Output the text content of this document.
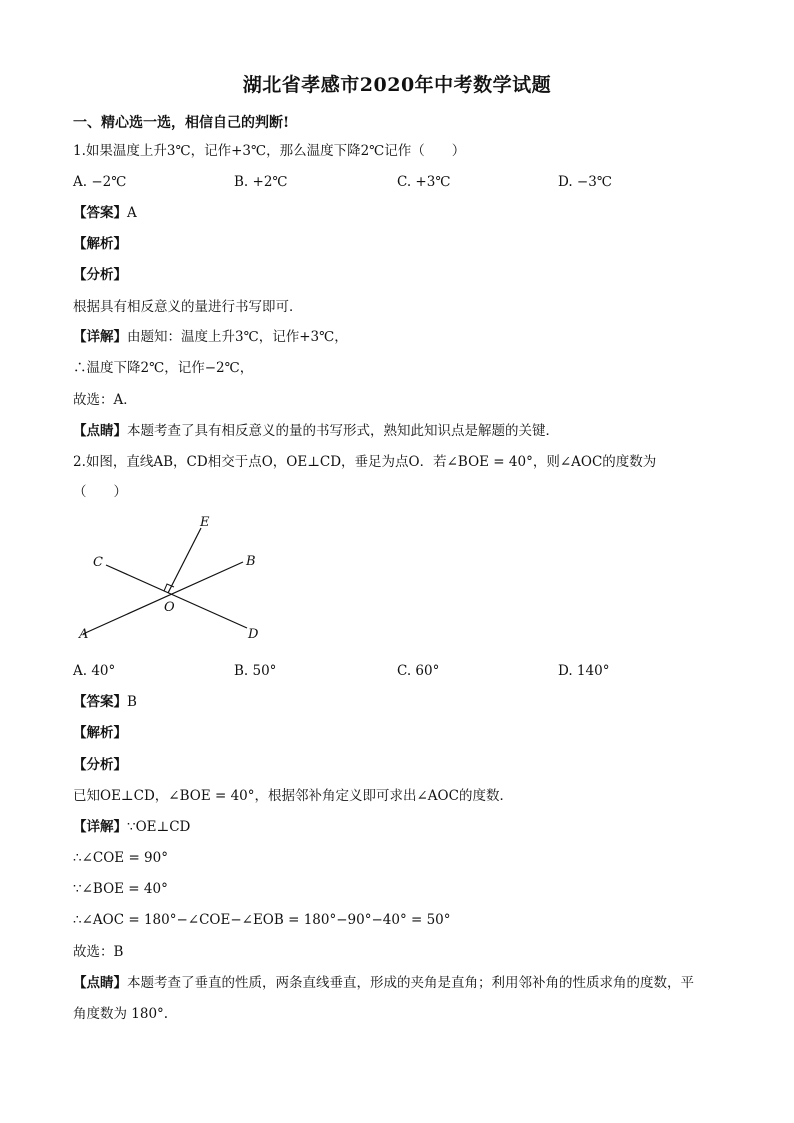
湖北省孝感市2020年中考数学试题
一、精心选一选，相信自己的判断!
1.如果温度上升3℃，记作+3℃，那么温度下降2℃记作（　　）
A. −2℃	B. +2℃	C. +3℃	D. −3℃
【答案】A
【解析】
【分析】
根据具有相反意义的量进行书写即可．
【详解】由题知：温度上升3℃，记作+3℃，
∴温度下降2℃，记作−2℃，
故选：A．
【点睛】本题考查了具有相反意义的量的书写形式，熟知此知识点是解题的关键．
2.如图，直线AB，CD相交于点O，OE⊥CD，垂足为点O．若∠BOE = 40°，则∠AOC的度数为
（　　）
E
C	B
O
A	D
A. 40°	B. 50°	C. 60°	D. 140°
【答案】B
【解析】
【分析】
已知OE⊥CD，∠BOE = 40°，根据邻补角定义即可求出∠AOC的度数．
【详解】∵OE⊥CD
∴∠COE = 90°
∵∠BOE = 40°
∴∠AOC = 180°−∠COE−∠EOB = 180°−90°−40° = 50°
故选：B
【点睛】本题考查了垂直的性质，两条直线垂直，形成的夹角是直角；利用邻补角的性质求角的度数，平
角度数为 180°.
